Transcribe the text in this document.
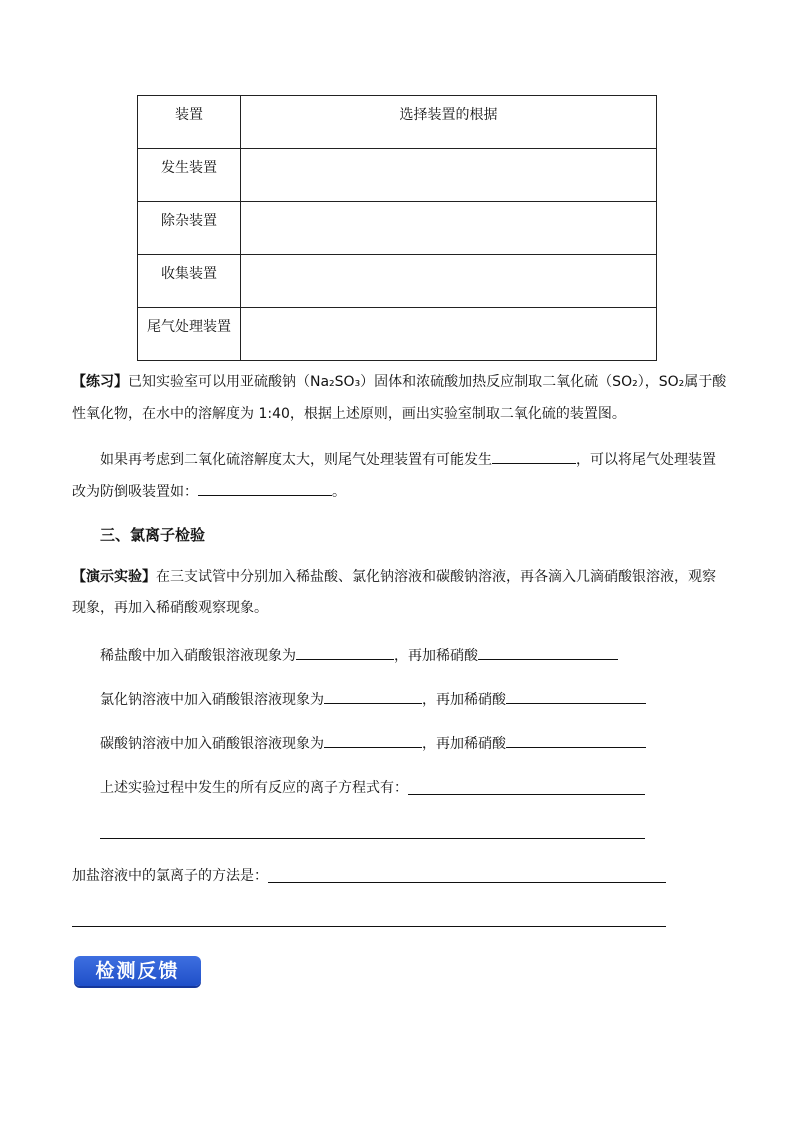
装置	选择装置的根据
发生装置	
除杂装置	
收集装置	
尾气处理装置	
【练习】已知实验室可以用亚硫酸钠（Na₂SO₃）固体和浓硫酸加热反应制取二氧化硫（SO₂），SO₂属于酸
性氧化物，在水中的溶解度为 1:40，根据上述原则，画出实验室制取二氧化硫的装置图。
如果再考虑到二氧化硫溶解度太大，则尾气处理装置有可能发生	，可以将尾气处理装置
改为防倒吸装置如：	。
三、氯离子检验
【演示实验】在三支试管中分别加入稀盐酸、氯化钠溶液和碳酸钠溶液，再各滴入几滴硝酸银溶液，观察
现象，再加入稀硝酸观察现象。
稀盐酸中加入硝酸银溶液现象为	，再加稀硝酸
氯化钠溶液中加入硝酸银溶液现象为	，再加稀硝酸
碳酸钠溶液中加入硝酸银溶液现象为	，再加稀硝酸
上述实验过程中发生的所有反应的离子方程式有：
加盐溶液中的氯离子的方法是：
检测反馈
